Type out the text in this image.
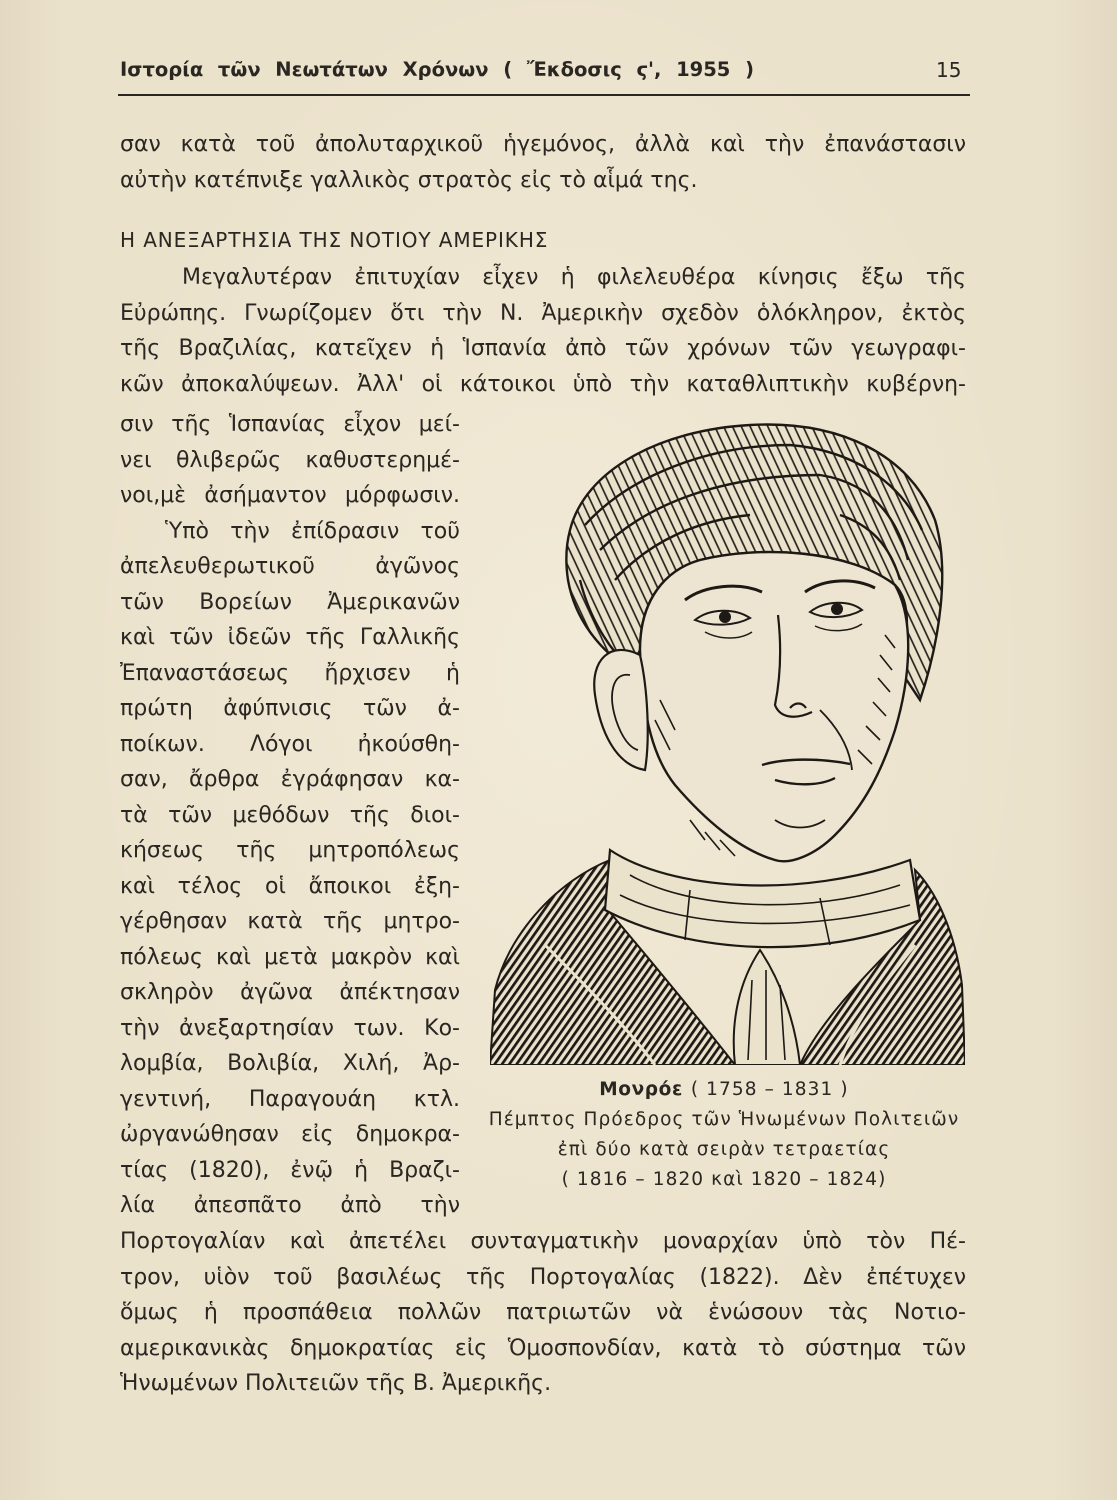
Ιστορία τῶν Νεωτάτων Χρόνων ( Ἔκδοσις ϛ', 1955 )	15
σαν κατὰ τοῦ ἀπολυταρχικοῦ ἡγεμόνος, ἀλλὰ καὶ τὴν ἐπανάστασιν
αὐτὴν κατέπνιξε γαλλικὸς στρατὸς εἰς τὸ αἷμά της.
Η ΑΝΕΞΑΡΤΗΣΙΑ ΤΗΣ ΝΟΤΙΟΥ ΑΜΕΡΙΚΗΣ
Μεγαλυτέραν ἐπιτυχίαν εἶχεν ἡ φιλελευθέρα κίνησις ἔξω τῆς
Εὐρώπης. Γνωρίζομεν ὅτι τὴν Ν. Ἀμερικὴν σχεδὸν ὁλόκληρον, ἐκτὸς
τῆς Βραζιλίας, κατεῖχεν ἡ Ἱσπανία ἀπὸ τῶν χρόνων τῶν γεωγραφι-
κῶν ἀποκαλύψεων. Ἀλλ' οἱ κάτοικοι ὑπὸ τὴν καταθλιπτικὴν κυβέρνη-
σιν τῆς Ἱσπανίας εἶχον μεί-
νει θλιβερῶς καθυστερημέ-
νοι,μὲ ἀσήμαντον μόρφωσιν.
Ὑπὸ τὴν ἐπίδρασιν τοῦ
ἀπελευθερωτικοῦ ἀγῶνος
τῶν Βορείων Ἀμερικανῶν
καὶ τῶν ἰδεῶν τῆς Γαλλικῆς
Ἐπαναστάσεως ἤρχισεν ἡ
πρώτη ἀφύπνισις τῶν ἀ-
ποίκων. Λόγοι ἠκούσθη-
σαν, ἄρθρα ἐγράφησαν κα-
τὰ τῶν μεθόδων τῆς διοι-
κήσεως τῆς μητροπόλεως
καὶ τέλος οἱ ἄποικοι ἐξη-
γέρθησαν κατὰ τῆς μητρο-
πόλεως καὶ μετὰ μακρὸν καὶ
σκληρὸν ἀγῶνα ἀπέκτησαν
τὴν ἀνεξαρτησίαν των. Κο-
λομβία, Βολιβία, Χιλή, Ἀρ-
γεντινή, Παραγουάη κτλ.
ὠργανώθησαν εἰς δημοκρα-
τίας (1820), ἐνῷ ἡ Βραζι-
λία ἀπεσπᾶτο ἀπὸ τὴν
Πορτογαλίαν καὶ ἀπετέλει συνταγματικὴν μοναρχίαν ὑπὸ τὸν Πέ-
τρον, υἱὸν τοῦ βασιλέως τῆς Πορτογαλίας (1822). Δὲν ἐπέτυχεν
ὅμως ἡ προσπάθεια πολλῶν πατριωτῶν νὰ ἑνώσουν τὰς Νοτιο-
αμερικανικὰς δημοκρατίας εἰς Ὁμοσπονδίαν, κατὰ τὸ σύστημα τῶν
Ἡνωμένων Πολιτειῶν τῆς Β. Ἀμερικῆς.
Μονρόε ( 1758 – 1831 )
Πέμπτος Πρόεδρος τῶν Ἡνωμένων Πολιτειῶν
ἐπὶ δύο κατὰ σειρὰν τετραετίας
( 1816 – 1820 καὶ 1820 – 1824)
